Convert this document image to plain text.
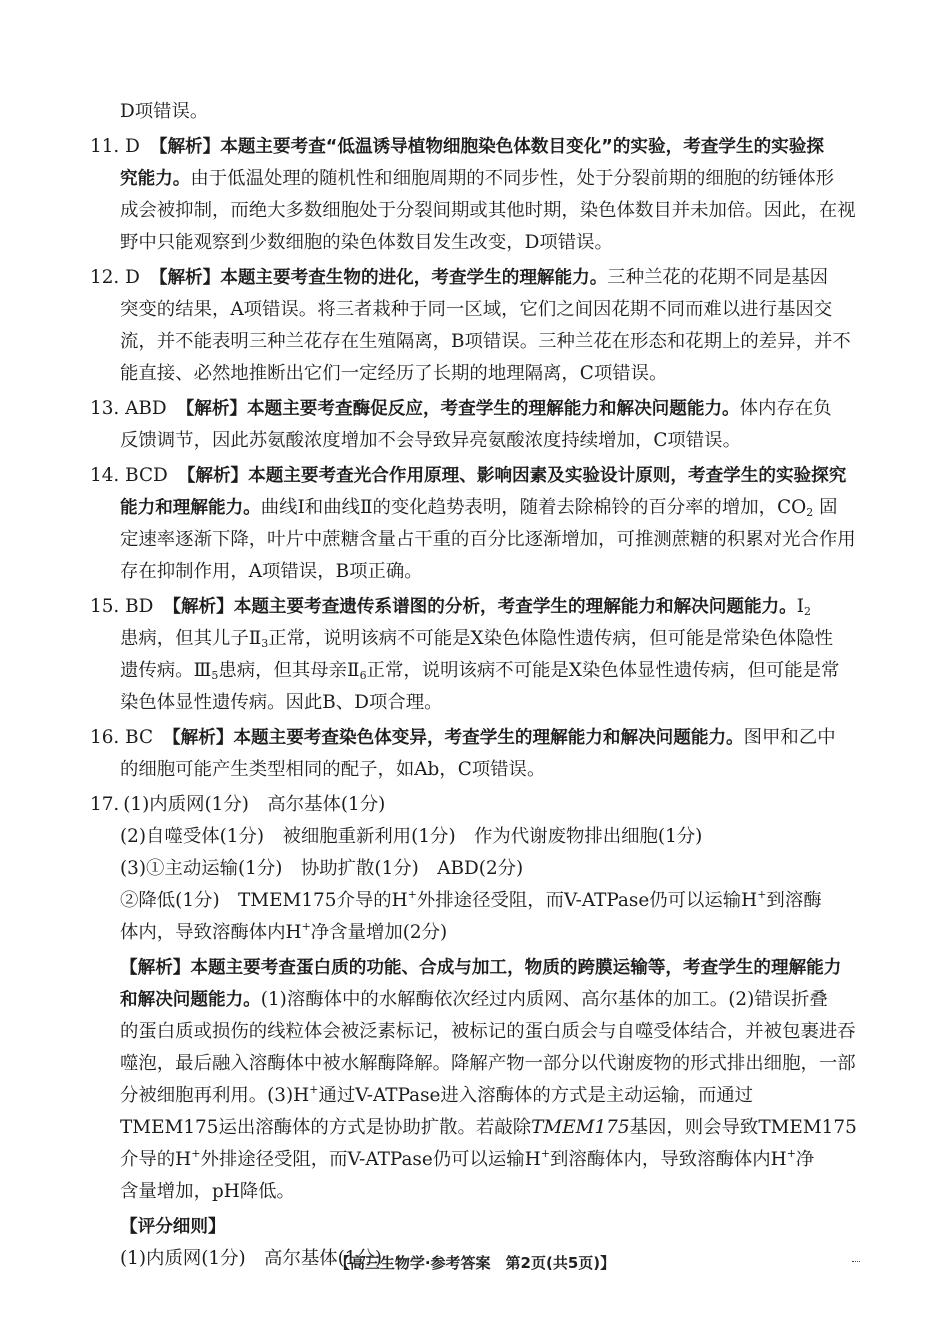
D项错误。
11. D 【解析】本题主要考查“低温诱导植物细胞染色体数目变化”的实验，考查学生的实验探
究能力。由于低温处理的随机性和细胞周期的不同步性，处于分裂前期的细胞的纺锤体形
成会被抑制，而绝大多数细胞处于分裂间期或其他时期，染色体数目并未加倍。因此，在视
野中只能观察到少数细胞的染色体数目发生改变，D项错误。
12. D 【解析】本题主要考查生物的进化，考查学生的理解能力。三种兰花的花期不同是基因
突变的结果，A项错误。将三者栽种于同一区域，它们之间因花期不同而难以进行基因交
流，并不能表明三种兰花存在生殖隔离，B项错误。三种兰花在形态和花期上的差异，并不
能直接、必然地推断出它们一定经历了长期的地理隔离，C项错误。
13. ABD 【解析】本题主要考查酶促反应，考查学生的理解能力和解决问题能力。体内存在负
反馈调节，因此苏氨酸浓度增加不会导致异亮氨酸浓度持续增加，C项错误。
14. BCD 【解析】本题主要考查光合作用原理、影响因素及实验设计原则，考查学生的实验探究
能力和理解能力。曲线Ⅰ和曲线Ⅱ的变化趋势表明，随着去除棉铃的百分率的增加，$CO_2$ 固
定速率逐渐下降，叶片中蔗糖含量占干重的百分比逐渐增加，可推测蔗糖的积累对光合作用
存在抑制作用，A项错误，B项正确。
15. BD 【解析】本题主要考查遗传系谱图的分析，考查学生的理解能力和解决问题能力。$Ⅰ_2$
患病，但其儿子$Ⅱ_3$正常，说明该病不可能是X染色体隐性遗传病，但可能是常染色体隐性
遗传病。$Ⅲ_5$患病，但其母亲$Ⅱ_6$正常，说明该病不可能是X染色体显性遗传病，但可能是常
染色体显性遗传病。因此B、D项合理。
16. BC 【解析】本题主要考查染色体变异，考查学生的理解能力和解决问题能力。图甲和乙中
的细胞可能产生类型相同的配子，如Ab，C项错误。
17. (1)内质网(1分)　高尔基体(1分)
(2)自噬受体(1分)　被细胞重新利用(1分)　作为代谢废物排出细胞(1分)
(3)①主动运输(1分)　协助扩散(1分)　ABD(2分)
②降低(1分)　TMEM175介导的H+外排途径受阻，而V-ATPase仍可以运输H+到溶酶
体内，导致溶酶体内H+净含量增加(2分)
【解析】本题主要考查蛋白质的功能、合成与加工，物质的跨膜运输等，考查学生的理解能力
和解决问题能力。(1)溶酶体中的水解酶依次经过内质网、高尔基体的加工。(2)错误折叠
的蛋白质或损伤的线粒体会被泛素标记，被标记的蛋白质会与自噬受体结合，并被包裹进吞
噬泡，最后融入溶酶体中被水解酶降解。降解产物一部分以代谢废物的形式排出细胞，一部
分被细胞再利用。(3)H+通过V-ATPase进入溶酶体的方式是主动运输，而通过
TMEM175运出溶酶体的方式是协助扩散。若敲除TMEM175基因，则会导致TMEM175
介导的H+外排途径受阻，而V-ATPase仍可以运输H+到溶酶体内，导致溶酶体内H+净
含量增加，pH降低。
【评分细则】
(1)内质网(1分)　高尔基体(1分)
【高三生物学·参考答案　第2页(共5页)】
